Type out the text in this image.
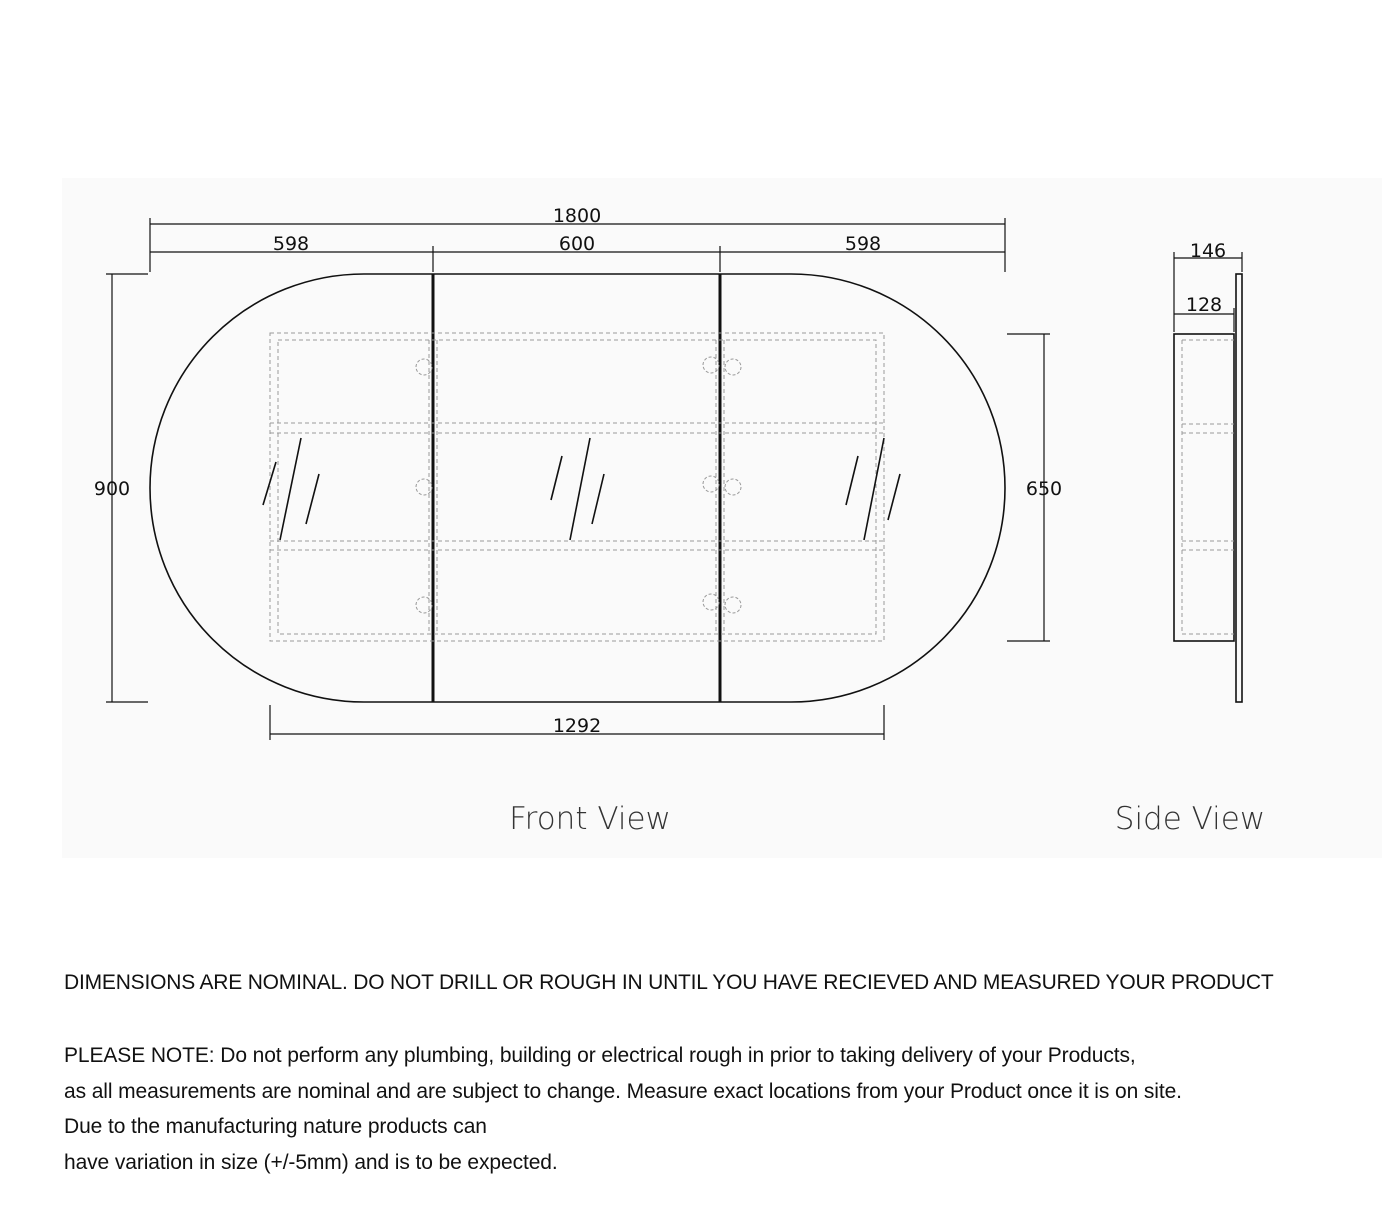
1800
598	600	598
900	650
1292
Front View
146
128
Side View
DIMENSIONS ARE NOMINAL. DO NOT DRILL OR ROUGH IN UNTIL YOU HAVE RECIEVED AND MEASURED YOUR PRODUCT
PLEASE NOTE: Do not perform any plumbing, building or electrical rough in prior to taking delivery of your Products,
as all measurements are nominal and are subject to change. Measure exact locations from your Product once it is on site.
Due to the manufacturing nature products can
have variation in size (+/-5mm) and is to be expected.
